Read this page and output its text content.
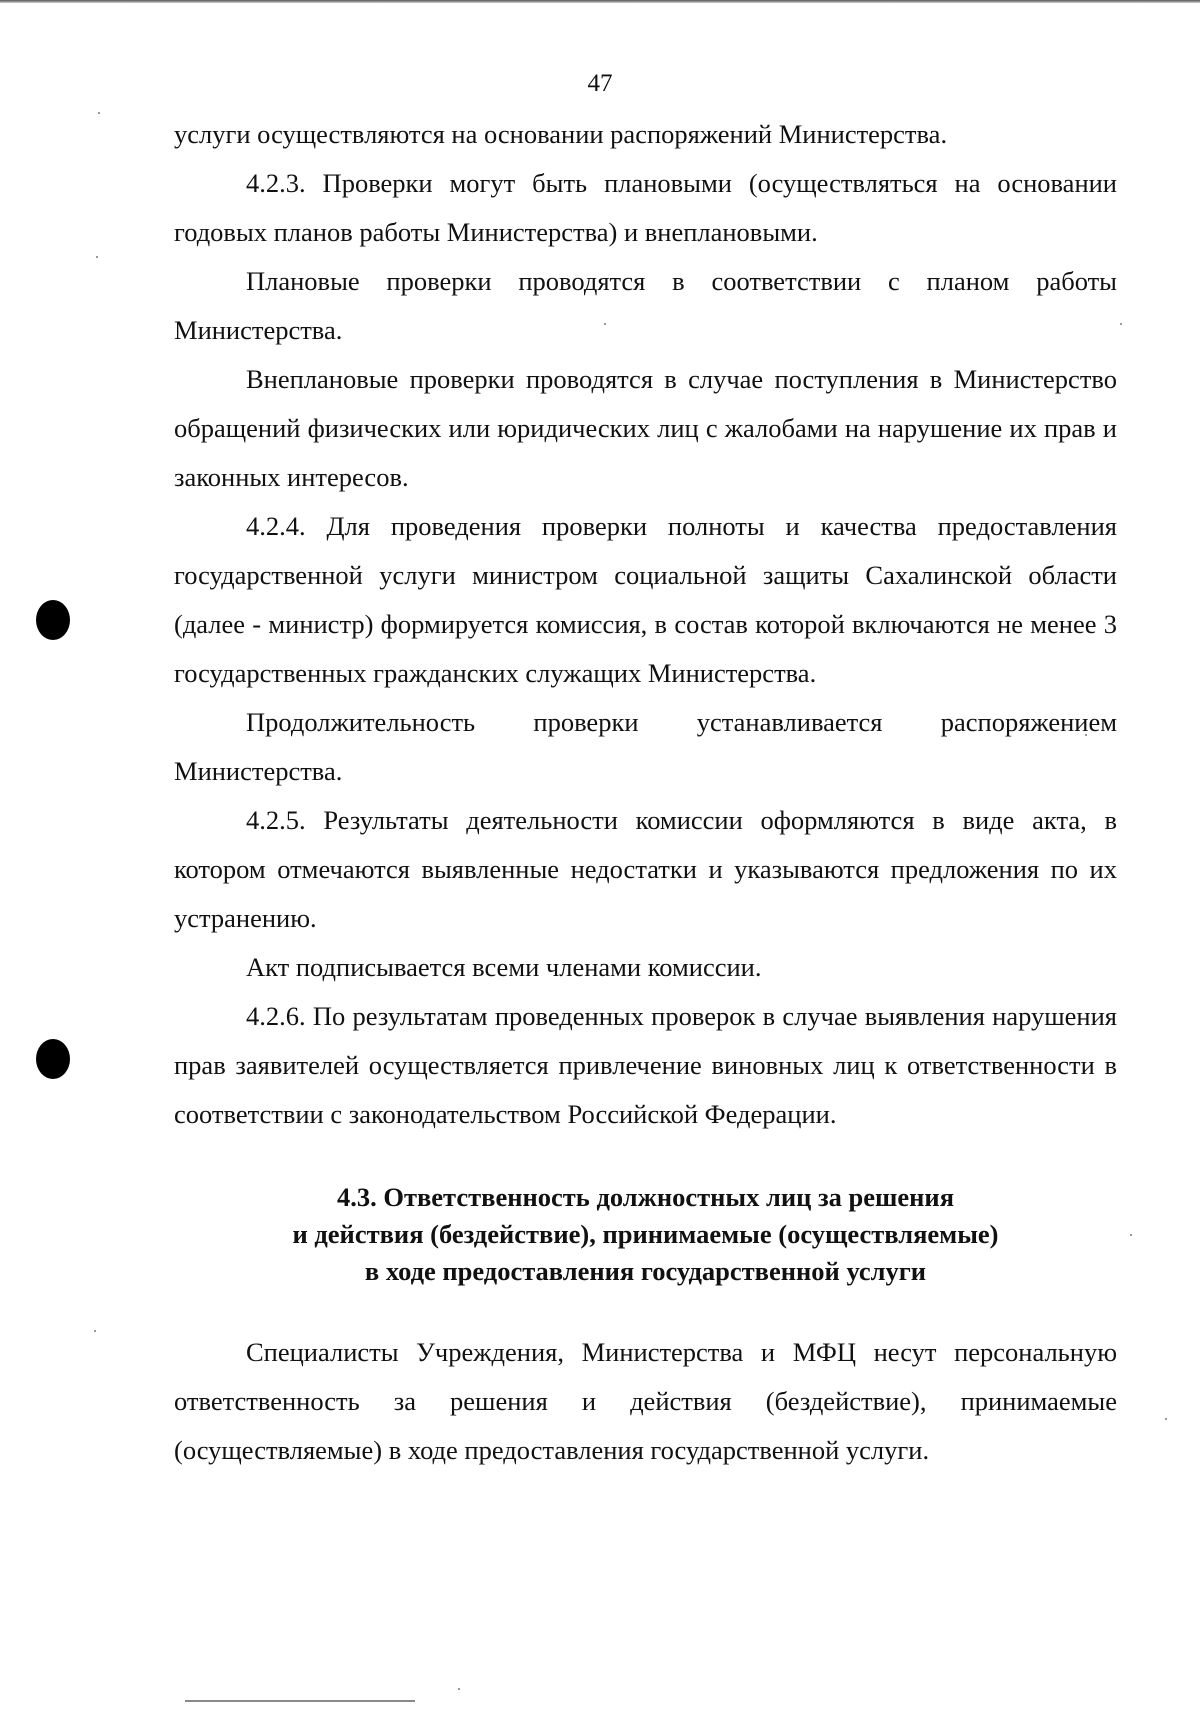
47

услуги осуществляются на основании распоряжений Министерства.

4.2.3. Проверки могут быть плановыми (осуществляться на основании годовых планов работы Министерства) и внеплановыми.

Плановые проверки проводятся в соответствии с планом работы Министерства.

Внеплановые проверки проводятся в случае поступления в Министерство обращений физических или юридических лиц с жалобами на нарушение их прав и законных интересов.

4.2.4. Для проведения проверки полноты и качества предоставления государственной услуги министром социальной защиты Сахалинской области (далее - министр) формируется комиссия, в состав которой включаются не менее 3 государственных гражданских служащих Министерства.

Продолжительность проверки устанавливается распоряжением Министерства.

4.2.5. Результаты деятельности комиссии оформляются в виде акта, в котором отмечаются выявленные недостатки и указываются предложения по их устранению.

Акт подписывается всеми членами комиссии.

4.2.6. По результатам проведенных проверок в случае выявления нарушения прав заявителей осуществляется привлечение виновных лиц к ответственности в соответствии с законодательством Российской Федерации.

4.3. Ответственность должностных лиц за решения
и действия (бездействие), принимаемые (осуществляемые)
в ходе предоставления государственной услуги

Специалисты Учреждения, Министерства и МФЦ несут персональную ответственность за решения и действия (бездействие), принимаемые (осуществляемые) в ходе предоставления государственной услуги.
